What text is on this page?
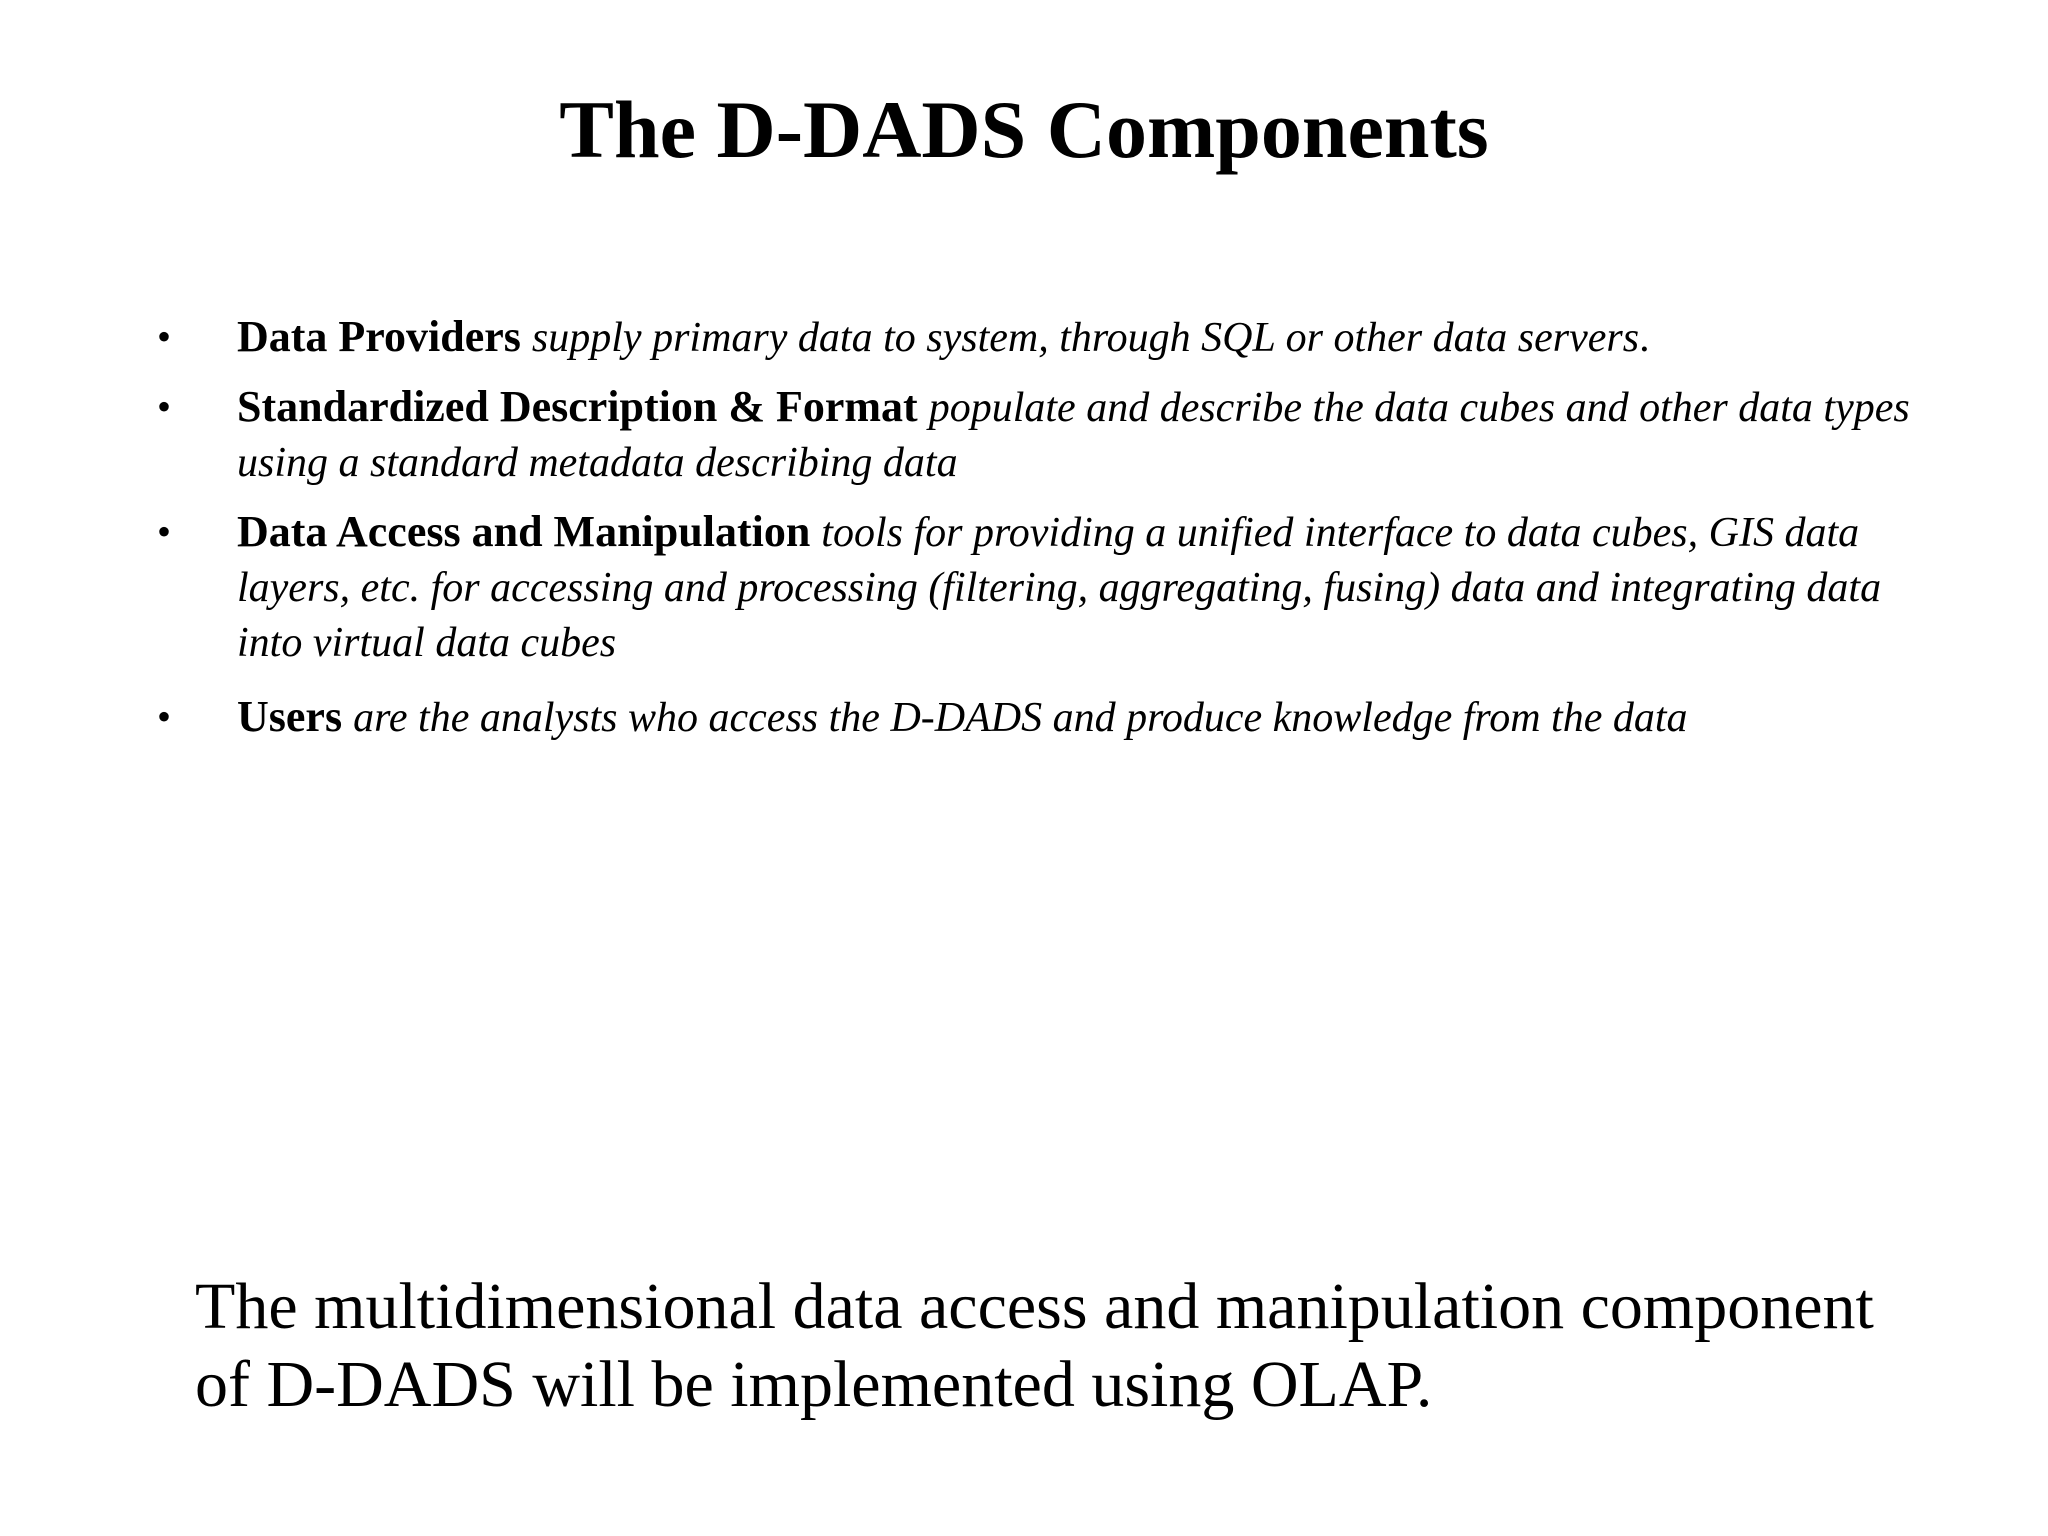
The D-DADS Components
• Data Providers supply primary data to system, through SQL or other data servers.
• Standardized Description & Format populate and describe the data cubes and other data types using a standard metadata describing data
• Data Access and Manipulation tools for providing a unified interface to data cubes, GIS data layers, etc. for accessing and processing (filtering, aggregating, fusing) data and integrating data into virtual data cubes
• Users are the analysts who access the D-DADS and produce knowledge from the data

The multidimensional data access and manipulation component of D-DADS will be implemented using OLAP.
